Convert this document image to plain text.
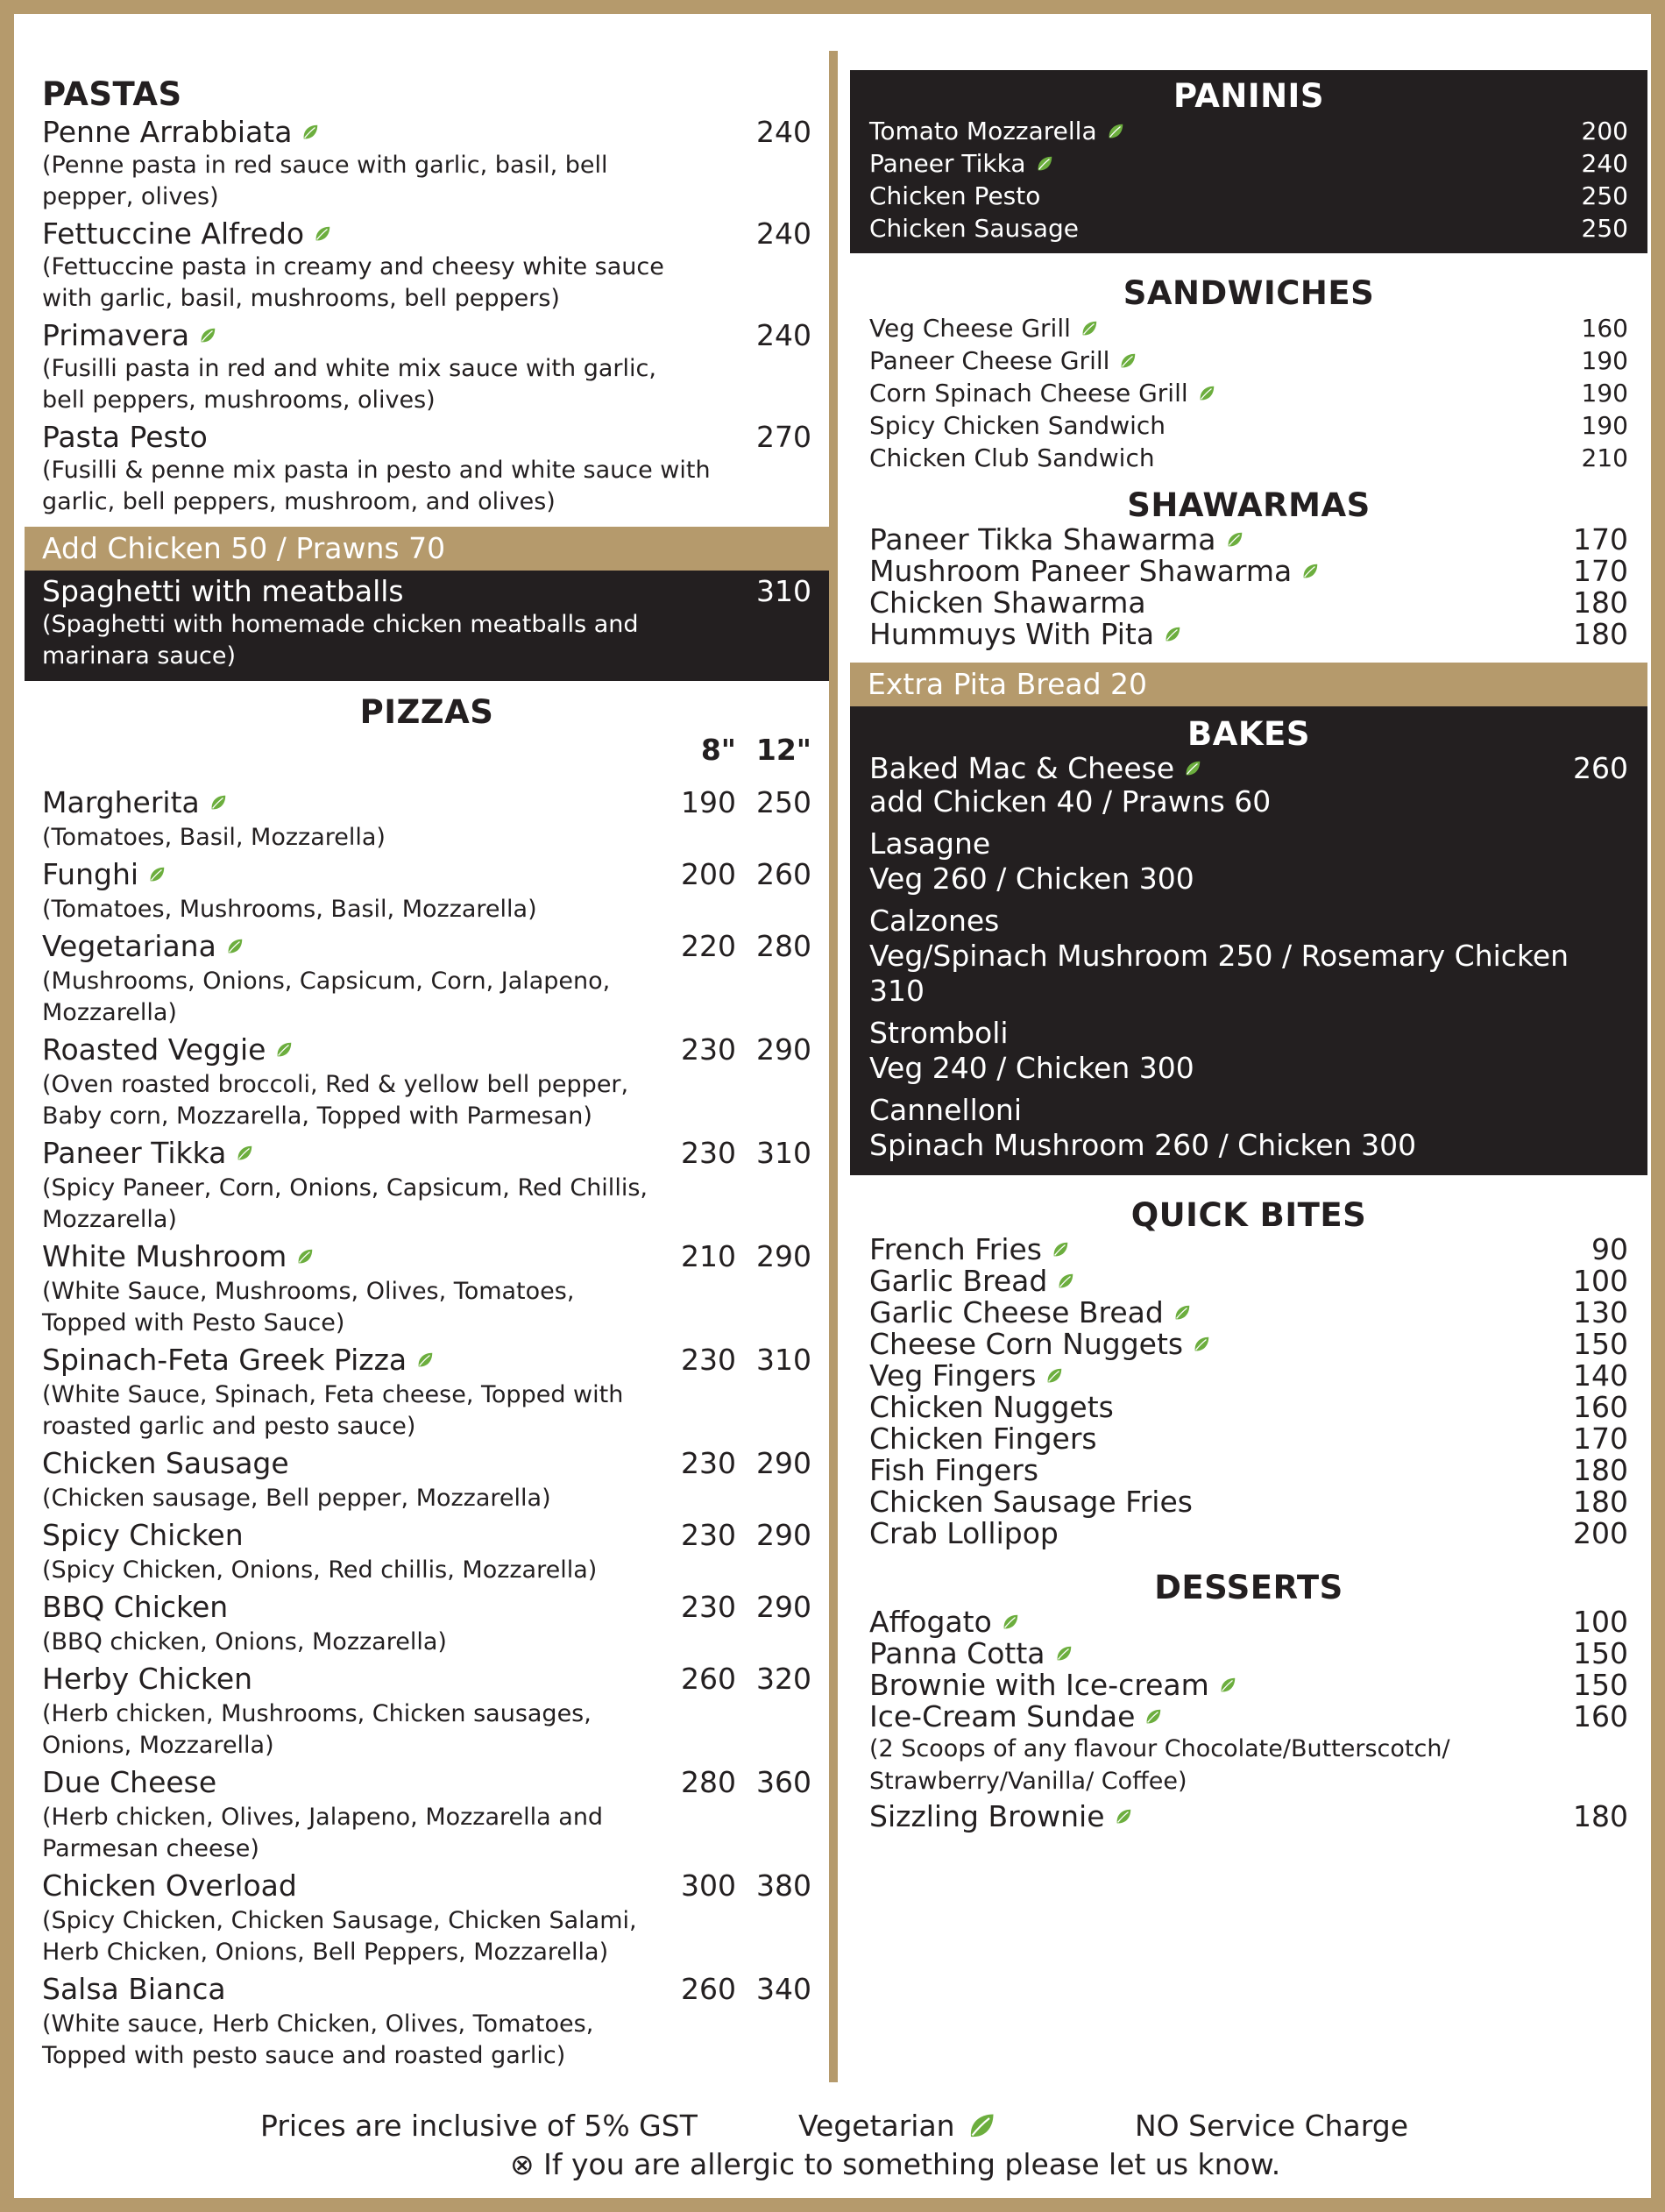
PASTAS
Penne Arrabbiata	240
(Penne pasta in red sauce with garlic, basil, bell pepper, olives)
Fettuccine Alfredo	240
(Fettuccine pasta in creamy and cheesy white sauce with garlic, basil, mushrooms, bell peppers)
Primavera	240
(Fusilli pasta in red and white mix sauce with garlic, bell peppers, mushrooms, olives)
Pasta Pesto	270
(Fusilli & penne mix pasta in pesto and white sauce with garlic, bell peppers, mushroom, and olives)
Add Chicken 50 / Prawns 70
Spaghetti with meatballs	310
(Spaghetti with homemade chicken meatballs and marinara sauce)
PIZZAS
8" 12"
Margherita	190 250
(Tomatoes, Basil, Mozzarella)
Funghi	200 260
(Tomatoes, Mushrooms, Basil, Mozzarella)
Vegetariana	220 280
(Mushrooms, Onions, Capsicum, Corn, Jalapeno, Mozzarella)
Roasted Veggie	230 290
(Oven roasted broccoli, Red & yellow bell pepper, Baby corn, Mozzarella, Topped with Parmesan)
Paneer Tikka	230 310
(Spicy Paneer, Corn, Onions, Capsicum, Red Chillis, Mozzarella)
White Mushroom	210 290
(White Sauce, Mushrooms, Olives, Tomatoes, Topped with Pesto Sauce)
Spinach-Feta Greek Pizza	230 310
(White Sauce, Spinach, Feta cheese, Topped with roasted garlic and pesto sauce)
Chicken Sausage	230 290
(Chicken sausage, Bell pepper, Mozzarella)
Spicy Chicken	230 290
(Spicy Chicken, Onions, Red chillis, Mozzarella)
BBQ Chicken	230 290
(BBQ chicken, Onions, Mozzarella)
Herby Chicken	260 320
(Herb chicken, Mushrooms, Chicken sausages, Onions, Mozzarella)
Due Cheese	280 360
(Herb chicken, Olives, Jalapeno, Mozzarella and Parmesan cheese)
Chicken Overload	300 380
(Spicy Chicken, Chicken Sausage, Chicken Salami, Herb Chicken, Onions, Bell Peppers, Mozzarella)
Salsa Bianca	260 340
(White sauce, Herb Chicken, Olives, Tomatoes, Topped with pesto sauce and roasted garlic)
PANINIS
Tomato Mozzarella	200
Paneer Tikka	240
Chicken Pesto	250
Chicken Sausage	250
SANDWICHES
Veg Cheese Grill	160
Paneer Cheese Grill	190
Corn Spinach Cheese Grill	190
Spicy Chicken Sandwich	190
Chicken Club Sandwich	210
SHAWARMAS
Paneer Tikka Shawarma	170
Mushroom Paneer Shawarma	170
Chicken Shawarma	180
Hummuys With Pita	180
Extra Pita Bread 20
BAKES
Baked Mac & Cheese	260
add Chicken 40 / Prawns 60
Lasagne
Veg 260 / Chicken 300
Calzones
Veg/Spinach Mushroom 250 / Rosemary Chicken 310
Stromboli
Veg 240 / Chicken 300
Cannelloni
Spinach Mushroom 260 / Chicken 300
QUICK BITES
French Fries	90
Garlic Bread	100
Garlic Cheese Bread	130
Cheese Corn Nuggets	150
Veg Fingers	140
Chicken Nuggets	160
Chicken Fingers	170
Fish Fingers	180
Chicken Sausage Fries	180
Crab Lollipop	200
DESSERTS
Affogato	100
Panna Cotta	150
Brownie with Ice-cream	150
Ice-Cream Sundae	160
(2 Scoops of any flavour Chocolate/Butterscotch/ Strawberry/Vanilla/ Coffee)
Sizzling Brownie	180
Prices are inclusive of 5% GST	Vegetarian	NO Service Charge
⊗ If you are allergic to something please let us know.
